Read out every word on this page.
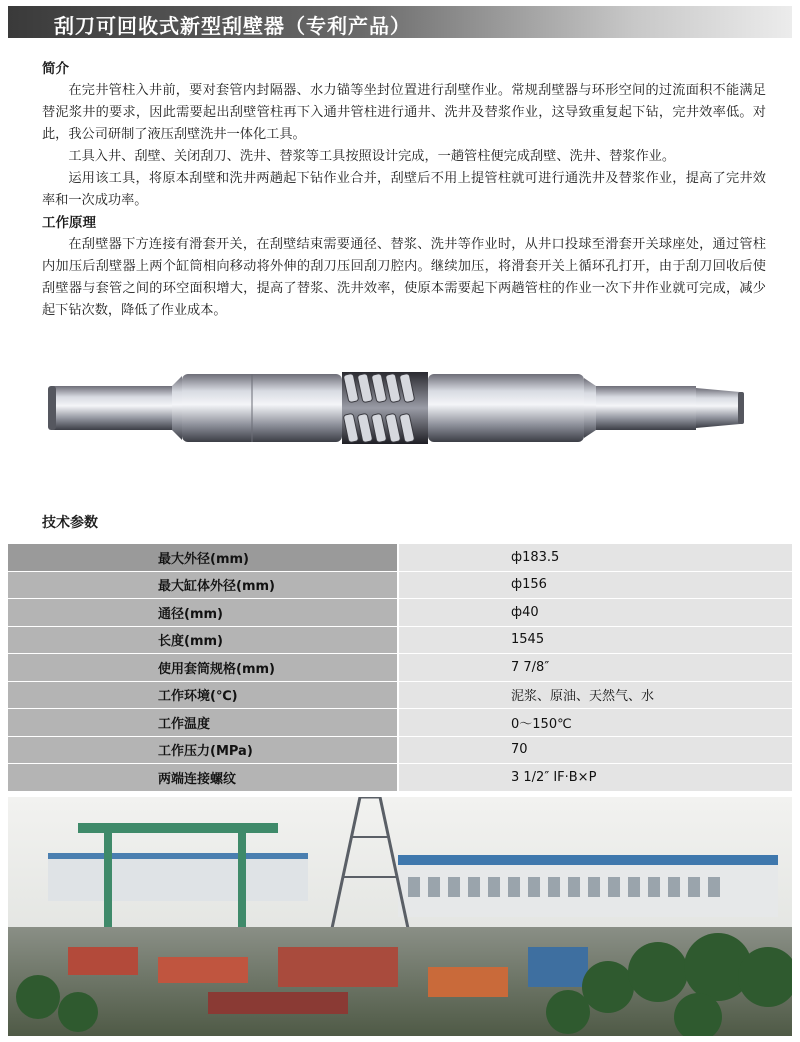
刮刀可回收式新型刮壁器（专利产品）

简介

在完井管柱入井前，要对套管内封隔器、水力锚等坐封位置进行刮壁作业。常规刮壁器与环形空间的过流面积不能满足替泥浆井的要求，因此需要起出刮壁管柱再下入通井管柱进行通井、洗井及替浆作业，这导致重复起下钻，完井效率低。对此，我公司研制了液压刮壁洗井一体化工具。

工具入井、刮壁、关闭刮刀、洗井、替浆等工具按照设计完成，一趟管柱便完成刮壁、洗井、替浆作业。

运用该工具，将原本刮壁和洗井两趟起下钻作业合并，刮壁后不用上提管柱就可进行通洗井及替浆作业，提高了完井效率和一次成功率。

工作原理

在刮壁器下方连接有滑套开关，在刮壁结束需要通径、替浆、洗井等作业时，从井口投球至滑套开关球座处，通过管柱内加压后刮壁器上两个缸筒相向移动将外伸的刮刀压回刮刀腔内。继续加压，将滑套开关上循环孔打开，由于刮刀回收后使刮壁器与套管之间的环空面积增大，提高了替浆、洗井效率，使原本需要起下两趟管柱的作业一次下井作业就可完成，减少起下钻次数，降低了作业成本。

技术参数
最大外径(mm)	ф183.5
最大缸体外径(mm)	ф156
通径(mm)	ф40
长度(mm)	1545
使用套筒规格(mm)	7 7/8″
工作环境(℃)	泥浆、原油、天然气、水
工作温度	0～150℃
工作压力(MPa)	70
两端连接螺纹	3 1/2″ IF·B×P
